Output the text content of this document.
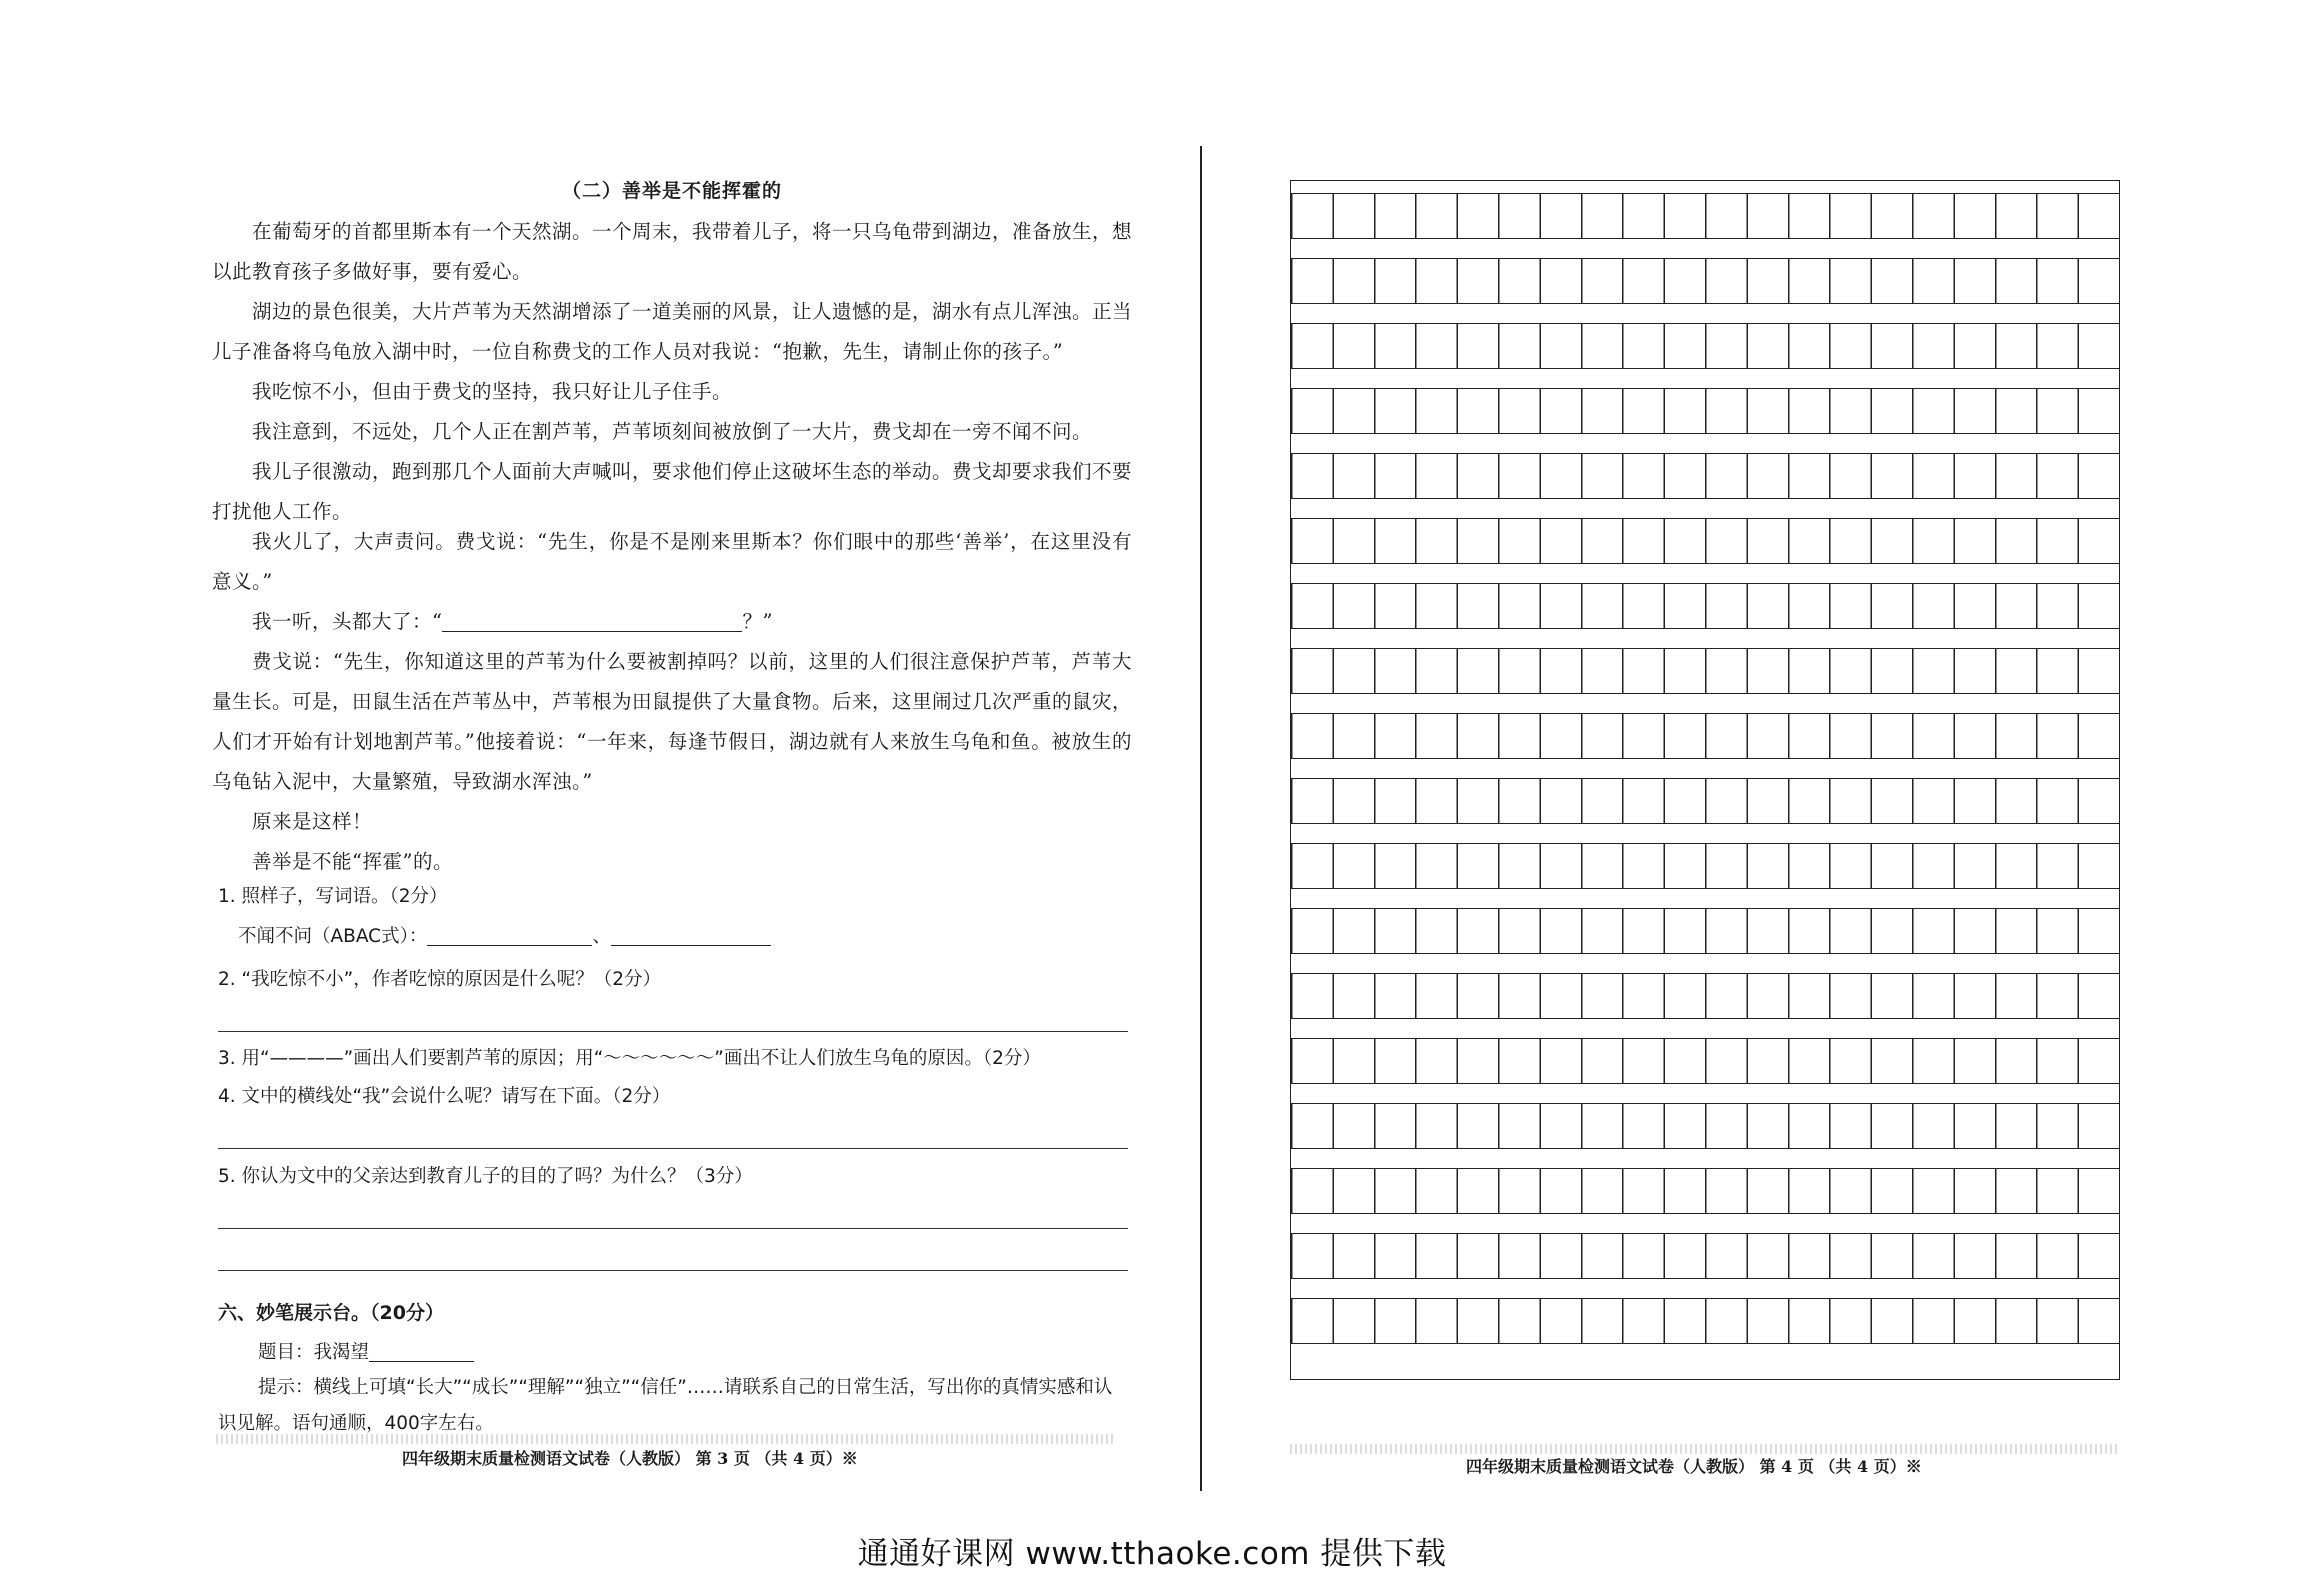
（二）善举是不能挥霍的
在葡萄牙的首都里斯本有一个天然湖。一个周末，我带着儿子，将一只乌龟带到湖边，准备放生，想以此教育孩子多做好事，要有爱心。
湖边的景色很美，大片芦苇为天然湖增添了一道美丽的风景，让人遗憾的是，湖水有点儿浑浊。正当儿子准备将乌龟放入湖中时，一位自称费戈的工作人员对我说：“抱歉，先生，请制止你的孩子。”
我吃惊不小，但由于费戈的坚持，我只好让儿子住手。
我注意到，不远处，几个人正在割芦苇，芦苇顷刻间被放倒了一大片，费戈却在一旁不闻不问。
我儿子很激动，跑到那几个人面前大声喊叫，要求他们停止这破坏生态的举动。费戈却要求我们不要打扰他人工作。
我火儿了，大声责问。费戈说：“先生，你是不是刚来里斯本？你们眼中的那些‘善举’，在这里没有意义。”
我一听，头都大了：“	？”
费戈说：“先生，你知道这里的芦苇为什么要被割掉吗？以前，这里的人们很注意保护芦苇，芦苇大量生长。可是，田鼠生活在芦苇丛中，芦苇根为田鼠提供了大量食物。后来，这里闹过几次严重的鼠灾，人们才开始有计划地割芦苇。”他接着说：“一年来，每逢节假日，湖边就有人来放生乌龟和鱼。被放生的乌龟钻入泥中，大量繁殖，导致湖水浑浊。”
原来是这样！
善举是不能“挥霍”的。
1. 照样子，写词语。（2分）
不闻不问（ABAC式）：	、
2. “我吃惊不小”，作者吃惊的原因是什么呢？（2分）
3. 用“————”画出人们要割芦苇的原因；用“～～～～～～”画出不让人们放生乌龟的原因。（2分）
4. 文中的横线处“我”会说什么呢？请写在下面。（2分）
5. 你认为文中的父亲达到教育儿子的目的了吗？为什么？（3分）
六、妙笔展示台。（20分）
题目：我渴望
提示：横线上可填“长大”“成长”“理解”“独立”“信任”……请联系自己的日常生活，写出你的真情实感和认识见解。语句通顺，400字左右。
四年级期末质量检测语文试卷（人教版） 第 3 页 （共 4 页）※	四年级期末质量检测语文试卷（人教版） 第 4 页 （共 4 页）※
通通好课网 www.tthaoke.com 提供下载
